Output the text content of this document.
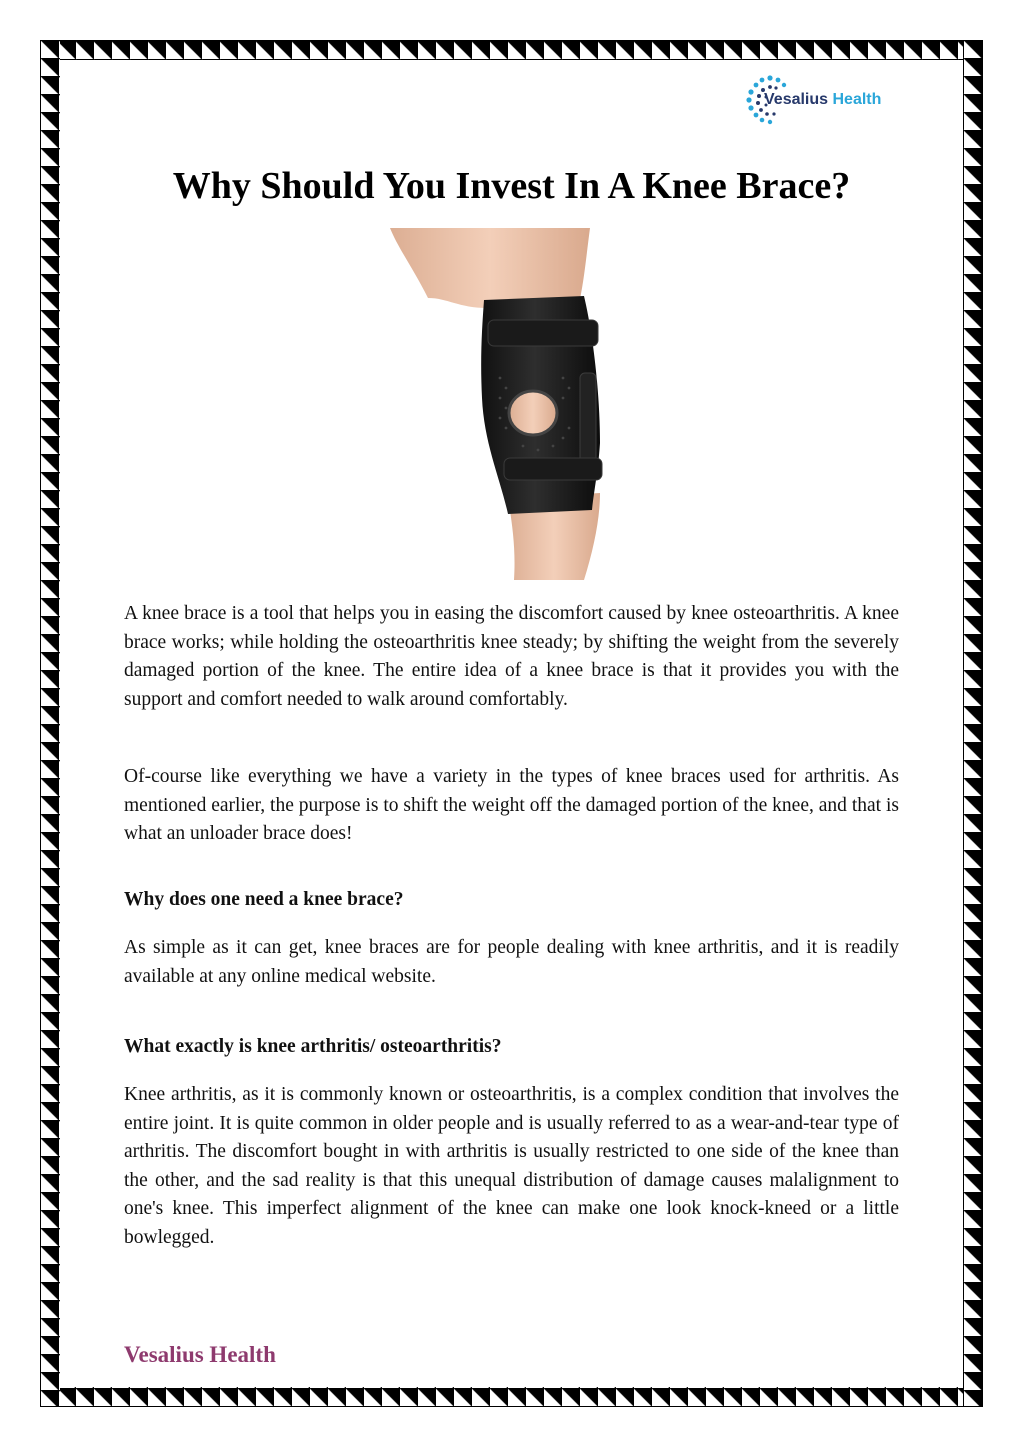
Vesalius Health
Why Should You Invest In A Knee Brace?

A knee brace is a tool that helps you in easing the discomfort caused by knee osteoarthritis. A knee brace works; while holding the osteoarthritis knee steady; by shifting the weight from the severely damaged portion of the knee. The entire idea of a knee brace is that it provides you with the support and comfort needed to walk around comfortably.

Of-course like everything we have a variety in the types of knee braces used for arthritis. As mentioned earlier, the purpose is to shift the weight off the damaged portion of the knee, and that is what an unloader brace does!

Why does one need a knee brace?

As simple as it can get, knee braces are for people dealing with knee arthritis, and it is readily available at any online medical website.

What exactly is knee arthritis/ osteoarthritis?

Knee arthritis, as it is commonly known or osteoarthritis, is a complex condition that involves the entire joint. It is quite common in older people and is usually referred to as a wear-and-tear type of arthritis. The discomfort bought in with arthritis is usually restricted to one side of the knee than the other, and the sad reality is that this unequal distribution of damage causes malalignment to one's knee. This imperfect alignment of the knee can make one look knock-kneed or a little bowlegged.

Vesalius Health
